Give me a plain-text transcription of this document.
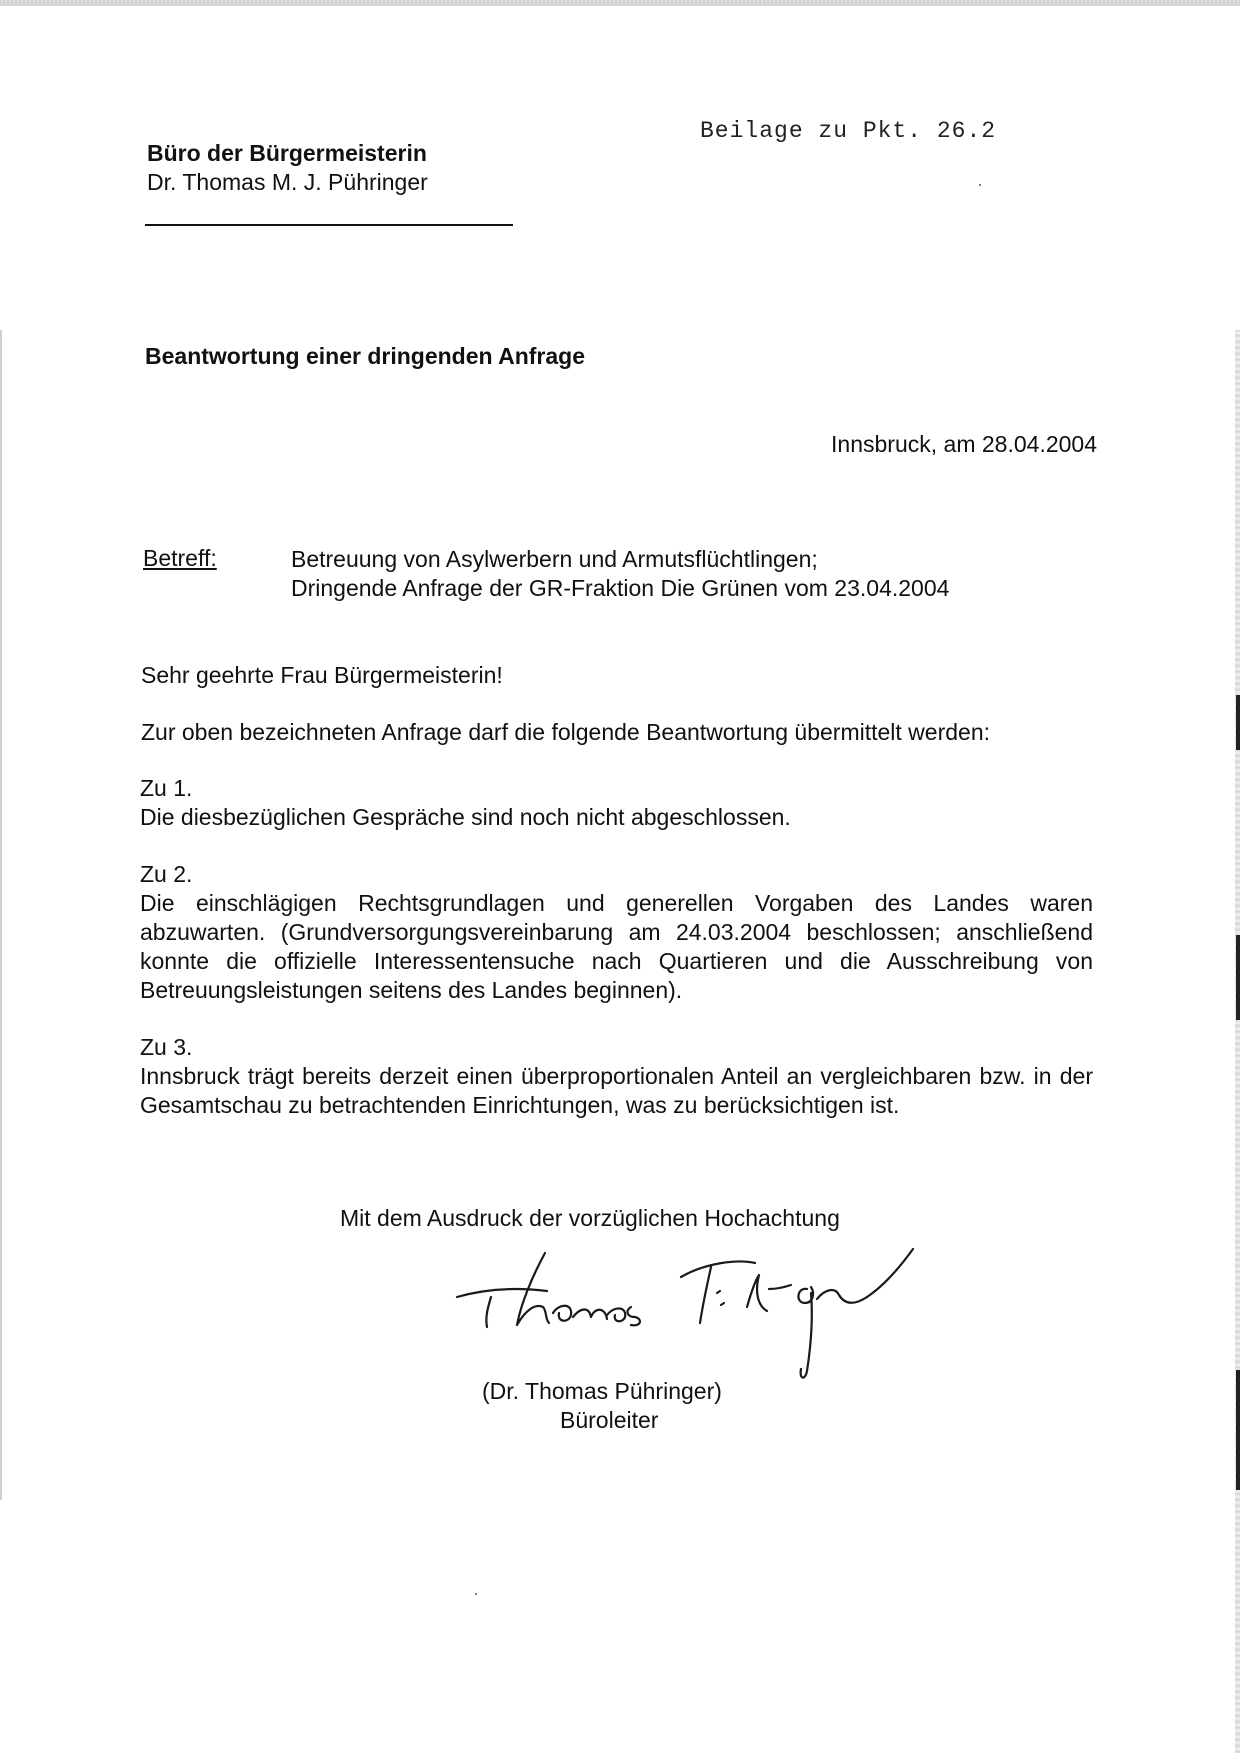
Büro der Bürgermeisterin
Dr. Thomas M. J. Pühringer
Beilage zu Pkt. 26.2
Beantwortung einer dringenden Anfrage
Innsbruck, am 28.04.2004
Betreff:	Betreuung von Asylwerbern und Armutsflüchtlingen;
Dringende Anfrage der GR-Fraktion Die Grünen vom 23.04.2004
Sehr geehrte Frau Bürgermeisterin!
Zur oben bezeichneten Anfrage darf die folgende Beantwortung übermittelt werden:
Zu 1.
Die diesbezüglichen Gespräche sind noch nicht abgeschlossen.
Zu 2.
Die einschlägigen Rechtsgrundlagen und generellen Vorgaben des Landes waren abzuwarten. (Grundversorgungsvereinbarung am 24.03.2004 beschlossen; anschließend konnte die offizielle Interessentensuche nach Quartieren und die Ausschreibung von Betreuungsleistungen seitens des Landes beginnen).
Zu 3.
Innsbruck trägt bereits derzeit einen überproportionalen Anteil an vergleichbaren bzw. in der Gesamtschau zu betrachtenden Einrichtungen, was zu berücksichtigen ist.
Mit dem Ausdruck der vorzüglichen Hochachtung
(Dr. Thomas Pühringer)
Büroleiter
